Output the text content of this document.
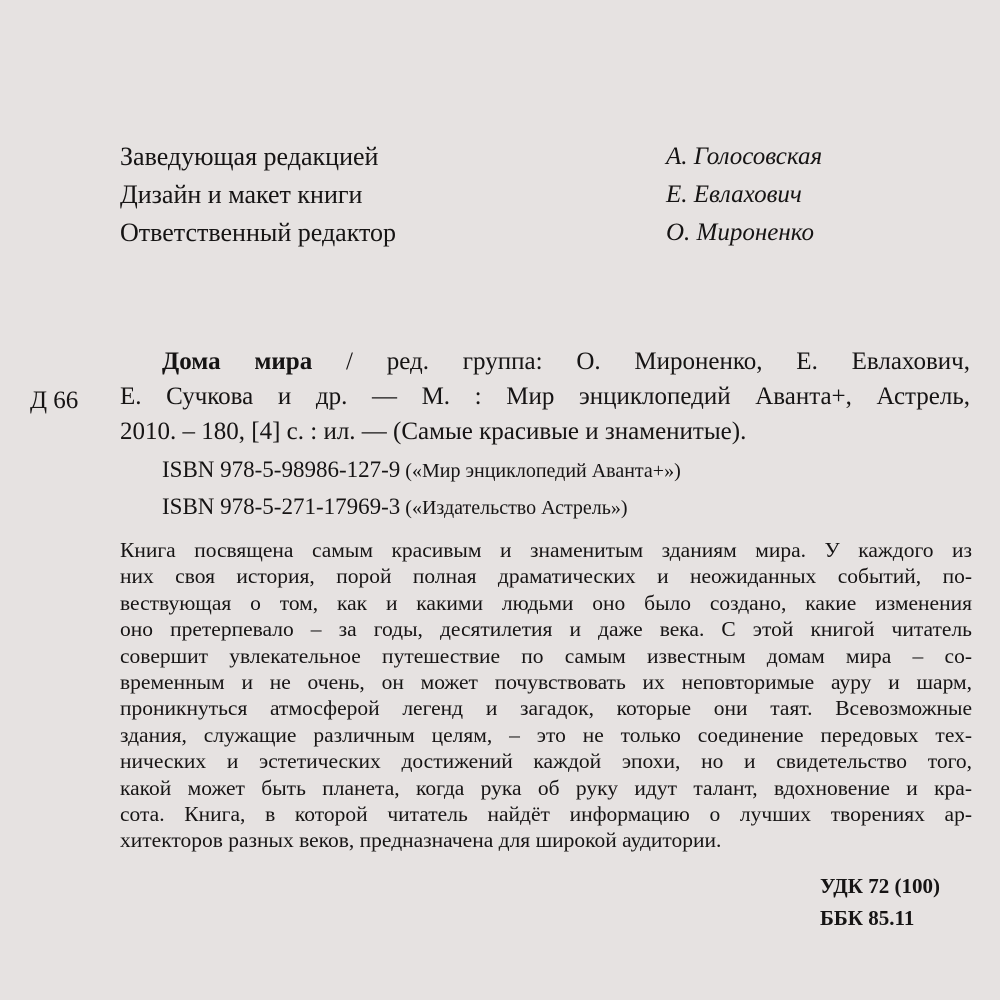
Заведующая редакцией	А. Голосовская
Дизайн и макет книги	Е. Евлахович
Ответственный редактор	О. Мироненко
Д 66
Дома мира / ред. группа: О. Мироненко, Е. Евлахович,
Е. Сучкова и др. — М. : Мир энциклопедий Аванта+, Астрель,
2010. – 180, [4] с. : ил. — (Самые красивые и знаменитые).
ISBN 978-5-98986-127-9 («Мир энциклопедий Аванта+»)
ISBN 978-5-271-17969-3 («Издательство Астрель»)
Книга посвящена самым красивым и знаменитым зданиям мира. У каждого из
них своя история, порой полная драматических и неожиданных событий, по-
вествующая о том, как и какими людьми оно было создано, какие изменения
оно претерпевало – за годы, десятилетия и даже века. С этой книгой читатель
совершит увлекательное путешествие по самым известным домам мира – со-
временным и не очень, он может почувствовать их неповторимые ауру и шарм,
проникнуться атмосферой легенд и загадок, которые они таят. Всевозможные
здания, служащие различным целям, – это не только соединение передовых тех-
нических и эстетических достижений каждой эпохи, но и свидетельство того,
какой может быть планета, когда рука об руку идут талант, вдохновение и кра-
сота. Книга, в которой читатель найдёт информацию о лучших творениях ар-
хитекторов разных веков, предназначена для широкой аудитории.
УДК 72 (100)
ББК 85.11
